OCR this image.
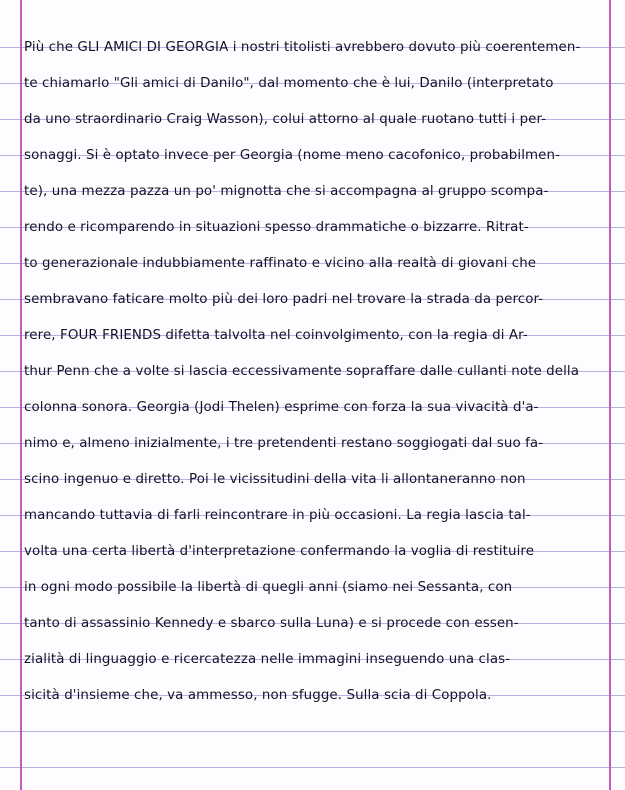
Più che GLI AMICI DI GEORGIA i nostri titolisti avrebbero dovuto più coerentemen-
te chiamarlo "Gli amici di Danilo", dal momento che è lui, Danilo (interpretato
da uno straordinario Craig Wasson), colui attorno al quale ruotano tutti i per-
sonaggi. Si è optato invece per Georgia (nome meno cacofonico, probabilmen-
te), una mezza pazza un po' mignotta che si accompagna al gruppo scompa-
rendo e ricomparendo in situazioni spesso drammatiche o bizzarre. Ritrat-
to generazionale indubbiamente raffinato e vicino alla realtà di giovani che
sembravano faticare molto più dei loro padri nel trovare la strada da percor-
rere, FOUR FRIENDS difetta talvolta nel coinvolgimento, con la regia di Ar-
thur Penn che a volte si lascia eccessivamente sopraffare dalle cullanti note della
colonna sonora. Georgia (Jodi Thelen) esprime con forza la sua vivacità d'a-
nimo e, almeno inizialmente, i tre pretendenti restano soggiogati dal suo fa-
scino ingenuo e diretto. Poi le vicissitudini della vita li allontaneranno non
mancando tuttavia di farli reincontrare in più occasioni. La regia lascia tal-
volta una certa libertà d'interpretazione confermando la voglia di restituire
in ogni modo possibile la libertà di quegli anni (siamo nei Sessanta, con
tanto di assassinio Kennedy e sbarco sulla Luna) e si procede con essen-
zialità di linguaggio e ricercatezza nelle immagini inseguendo una clas-
sicità d'insieme che, va ammesso, non sfugge. Sulla scia di Coppola.
